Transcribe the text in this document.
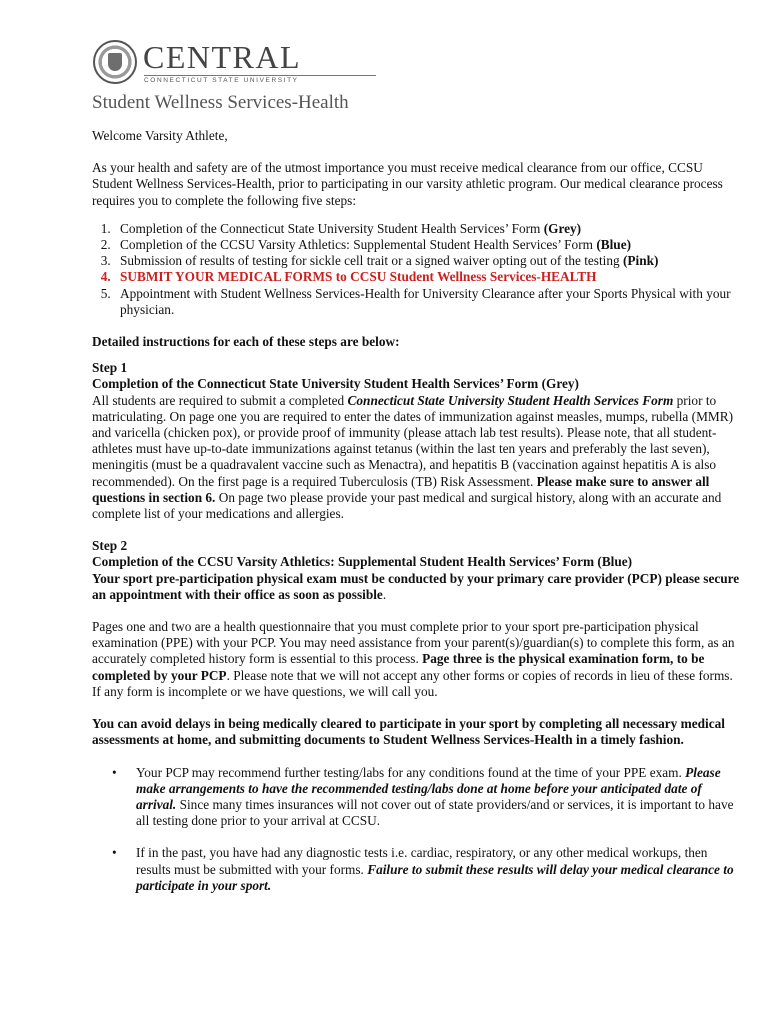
CENTRAL
CONNECTICUT STATE UNIVERSITY
Student Wellness Services-Health

Welcome Varsity Athlete,

As your health and safety are of the utmost importance you must receive medical clearance from our office, CCSU Student Wellness Services-Health, prior to participating in our varsity athletic program. Our medical clearance process requires you to complete the following five steps:

1. Completion of the Connecticut State University Student Health Services’ Form (Grey)
2. Completion of the CCSU Varsity Athletics: Supplemental Student Health Services’ Form (Blue)
3. Submission of results of testing for sickle cell trait or a signed waiver opting out of the testing (Pink)
4. SUBMIT YOUR MEDICAL FORMS to CCSU Student Wellness Services-HEALTH
5. Appointment with Student Wellness Services-Health for University Clearance after your Sports Physical with your physician.

Detailed instructions for each of these steps are below:

Step 1

Completion of the Connecticut State University Student Health Services’ Form (Grey)

All students are required to submit a completed Connecticut State University Student Health Services Form prior to matriculating. On page one you are required to enter the dates of immunization against measles, mumps, rubella (MMR) and varicella (chicken pox), or provide proof of immunity (please attach lab test results). Please note, that all student-athletes must have up-to-date immunizations against tetanus (within the last ten years and preferably the last seven), meningitis (must be a quadravalent vaccine such as Menactra), and hepatitis B (vaccination against hepatitis A is also recommended). On the first page is a required Tuberculosis (TB) Risk Assessment. Please make sure to answer all questions in section 6. On page two please provide your past medical and surgical history, along with an accurate and complete list of your medications and allergies.

Step 2

Completion of the CCSU Varsity Athletics: Supplemental Student Health Services’ Form (Blue)

Your sport pre-participation physical exam must be conducted by your primary care provider (PCP) please secure an appointment with their office as soon as possible.

Pages one and two are a health questionnaire that you must complete prior to your sport pre-participation physical examination (PPE) with your PCP. You may need assistance from your parent(s)/guardian(s) to complete this form, as an accurately completed history form is essential to this process. Page three is the physical examination form, to be completed by your PCP. Please note that we will not accept any other forms or copies of records in lieu of these forms. If any form is incomplete or we have questions, we will call you.

You can avoid delays in being medically cleared to participate in your sport by completing all necessary medical assessments at home, and submitting documents to Student Wellness Services-Health in a timely fashion.

• Your PCP may recommend further testing/labs for any conditions found at the time of your PPE exam. Please make arrangements to have the recommended testing/labs done at home before your anticipated date of arrival. Since many times insurances will not cover out of state providers/and or services, it is important to have all testing done prior to your arrival at CCSU.
• If in the past, you have had any diagnostic tests i.e. cardiac, respiratory, or any other medical workups, then results must be submitted with your forms. Failure to submit these results will delay your medical clearance to participate in your sport.
